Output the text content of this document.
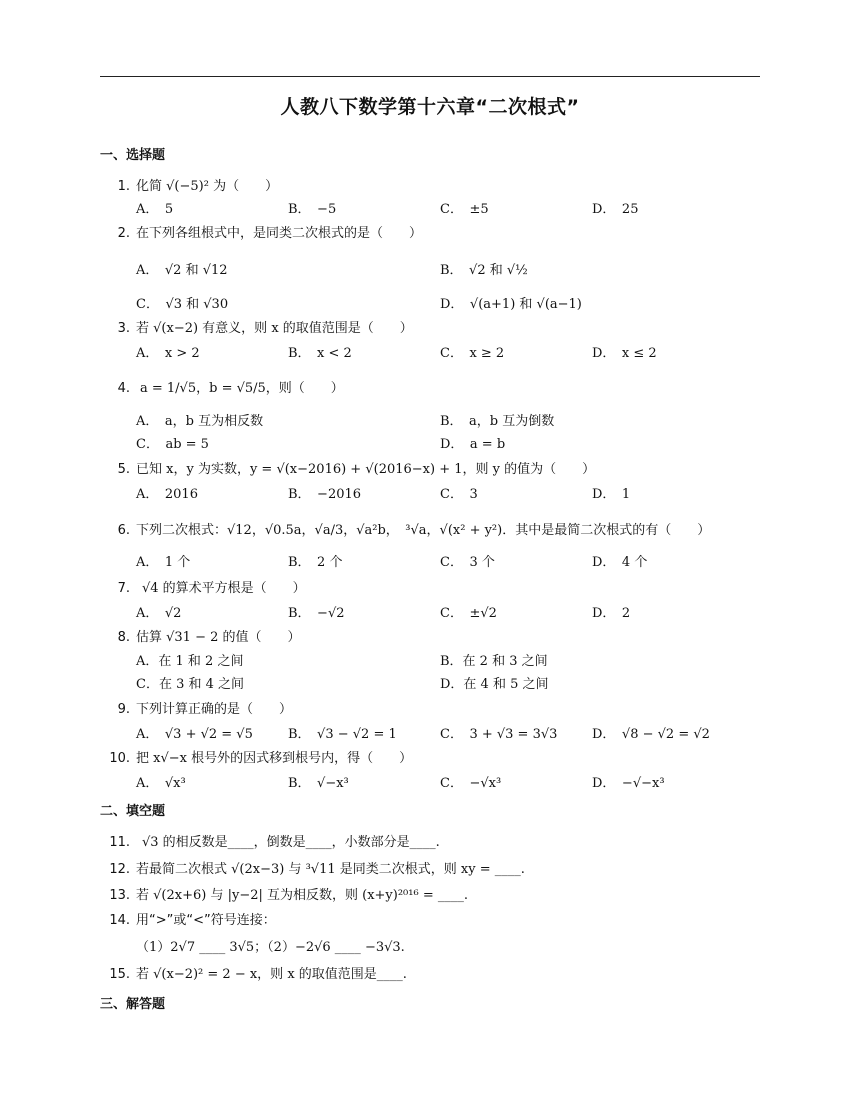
人教八下数学第十六章“二次根式”
一、选择题
1. 化简 √(−5)² 为（　　）
A．　5	B．　−5	C．　±5	D．　25
2. 在下列各组根式中，是同类二次根式的是（　　）
A．　√2 和 √12	B．　√2 和 √½
C．　√3 和 √30	D．　√(a+1) 和 √(a−1)
3. 若 √(x−2) 有意义，则 x 的取值范围是（　　）
A．　x > 2	B．　x < 2	C．　x ≥ 2	D．　x ≤ 2
4. a = 1/√5，b = √5/5，则（　　）
A．　a，b 互为相反数	B．　a，b 互为倒数
C．　ab = 5	D．　a = b
5. 已知 x，y 为实数，y = √(x−2016) + √(2016−x) + 1，则 y 的值为（　　）
A．　2016	B．　−2016	C．　3	D．　1
6. 下列二次根式：√12，√0.5a，√a/3，√a²b，　³√a，√(x² + y²)．其中是最简二次根式的有（　　）
A．　1 个	B．　2 个	C．　3 个	D．　4 个
7. √4 的算术平方根是（　　）
A．　√2	B．　−√2	C．　±√2	D．　2
8. 估算 √31 − 2 的值（　　）
A．在 1 和 2 之间	B．在 2 和 3 之间
C．在 3 和 4 之间	D．在 4 和 5 之间
9. 下列计算正确的是（　　）
A．　√3 + √2 = √5	B．　√3 − √2 = 1	C．　3 + √3 = 3√3	D．　√8 − √2 = √2
10. 把 x√−x 根号外的因式移到根号内，得（　　）
A．　√x³	B．　√−x³	C．　−√x³	D．　−√−x³
二、填空题
11. √3 的相反数是____，倒数是____，小数部分是____.
12. 若最简二次根式 √(2x−3) 与 ³√11 是同类二次根式，则 xy = ____.
13. 若 √(2x+6) 与 |y−2| 互为相反数，则 (x+y)²⁰¹⁶ = ____.
14. 用“>”或“<”符号连接：
（1）2√7 ____ 3√5；（2）−2√6 ____ −3√3.
15. 若 √(x−2)² = 2 − x，则 x 的取值范围是____.
三、解答题
